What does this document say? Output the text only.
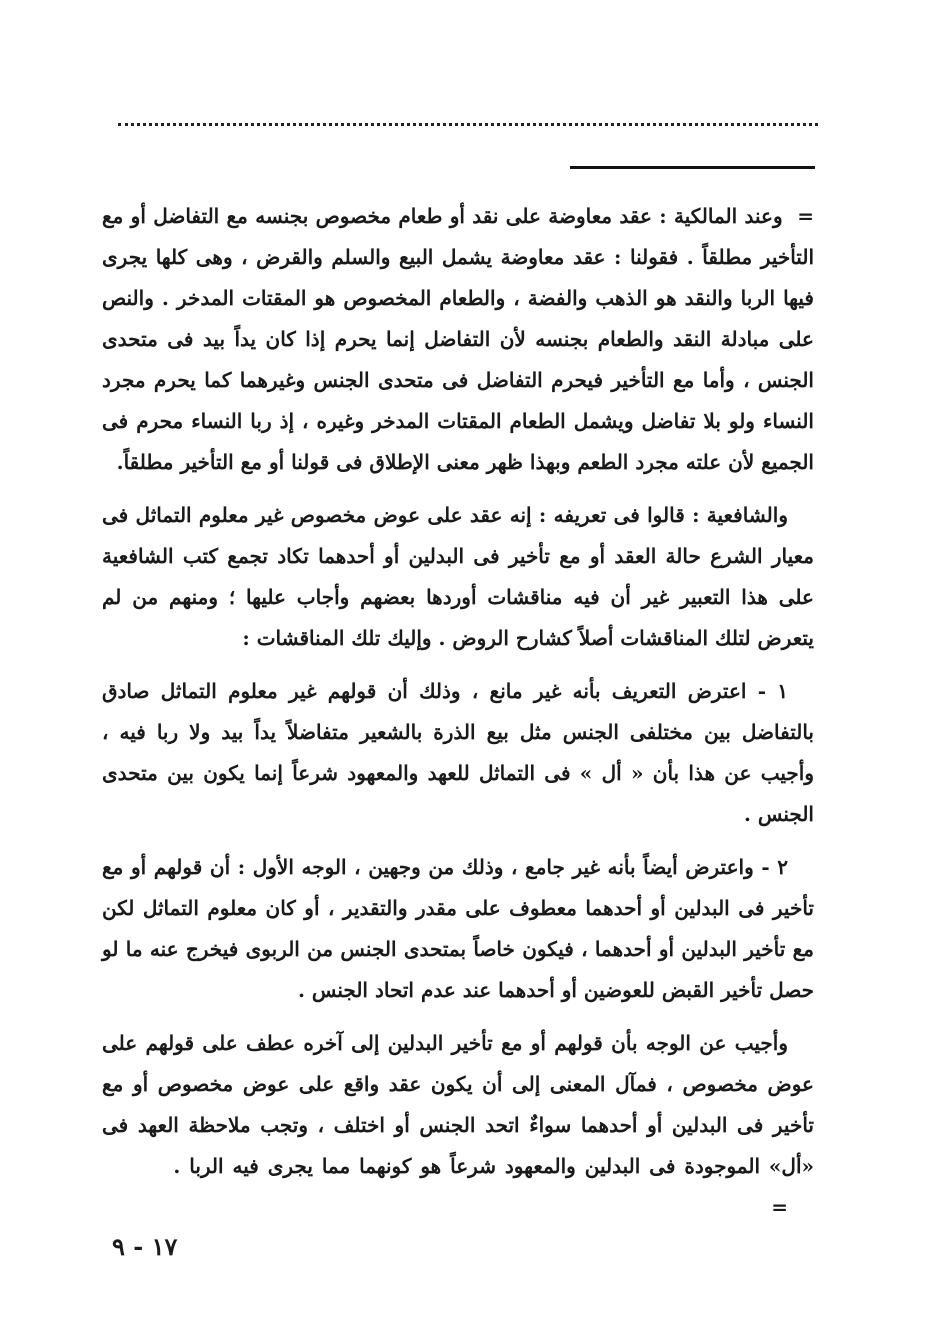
=  وعند المالكية : عقد معاوضة على نقد أو طعام مخصوص بجنسه مع التفاضل أو مع التأخير مطلقاً . فقولنا : عقد معاوضة يشمل البيع والسلم والقرض ، وهى كلها يجرى فيها الربا والنقد هو الذهب والفضة ، والطعام المخصوص هو المقتات المدخر . والنص على مبادلة النقد والطعام بجنسه لأن التفاضل إنما يحرم إذا كان يداً بيد فى متحدى الجنس ، وأما مع التأخير فيحرم التفاضل فى متحدى الجنس وغيرهما كما يحرم مجرد النساء ولو بلا تفاضل ويشمل الطعام المقتات المدخر وغيره ، إذ ربا النساء محرم فى الجميع لأن علته مجرد الطعم وبهذا ظهر معنى الإطلاق فى قولنا أو مع التأخير مطلقاً.

والشافعية : قالوا فى تعريفه : إنه عقد على عوض مخصوص غير معلوم التماثل فى معيار الشرع حالة العقد أو مع تأخير فى البدلين أو أحدهما تكاد تجمع كتب الشافعية على هذا التعبير غير أن فيه مناقشات أوردها بعضهم وأجاب عليها ؛ ومنهم من لم يتعرض لتلك المناقشات أصلاً كشارح الروض . وإليك تلك المناقشات :

١ - اعترض التعريف بأنه غير مانع ، وذلك أن قولهم غير معلوم التماثل صادق بالتفاضل بين مختلفى الجنس مثل بيع الذرة بالشعير متفاضلاً يداً بيد ولا ربا فيه ، وأجيب عن هذا بأن « أل » فى التماثل للعهد والمعهود شرعاً إنما يكون بين متحدى الجنس .

٢ - واعترض أيضاً بأنه غير جامع ، وذلك من وجهين ، الوجه الأول : أن قولهم أو مع تأخير فى البدلين أو أحدهما معطوف على مقدر والتقدير ، أو كان معلوم التماثل لكن مع تأخير البدلين أو أحدهما ، فيكون خاصاً بمتحدى الجنس من الربوى فيخرج عنه ما لو حصل تأخير القبض للعوضين أو أحدهما عند عدم اتحاد الجنس .

وأجيب عن الوجه بأن قولهم أو مع تأخير البدلين إلى آخره عطف على قولهم على عوض مخصوص ، فمآل المعنى إلى أن يكون عقد واقع على عوض مخصوص أو مع تأخير فى البدلين أو أحدهما سواءٌ اتحد الجنس أو اختلف ، وتجب ملاحظة العهد فى «أل» الموجودة فى البدلين والمعهود شرعاً هو كونهما مما يجرى فيه الربا .        =

١٧ - ٩
